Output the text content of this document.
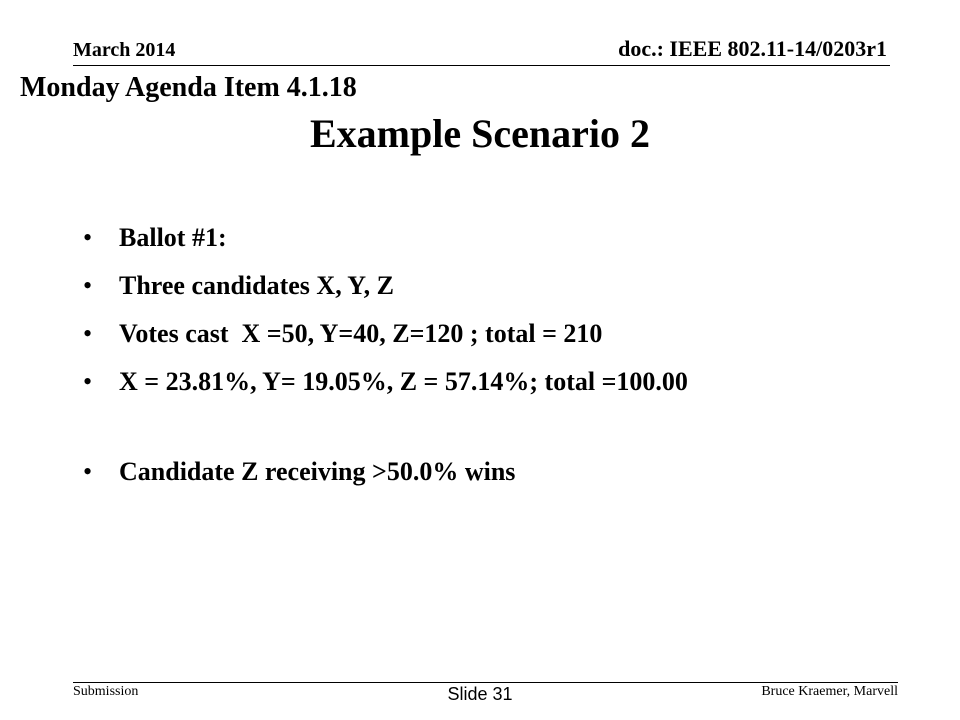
March 2014	doc.: IEEE 802.11-14/0203r1
Monday Agenda Item 4.1.18
Example Scenario 2

•

Ballot #1:

•

Three candidates X, Y, Z

•

Votes cast  X =50, Y=40, Z=120 ; total = 210

•

X = 23.81%, Y= 19.05%, Z = 57.14%; total =100.00

•

Candidate Z receiving >50.0% wins

Submission	Slide 31	Bruce Kraemer, Marvell
